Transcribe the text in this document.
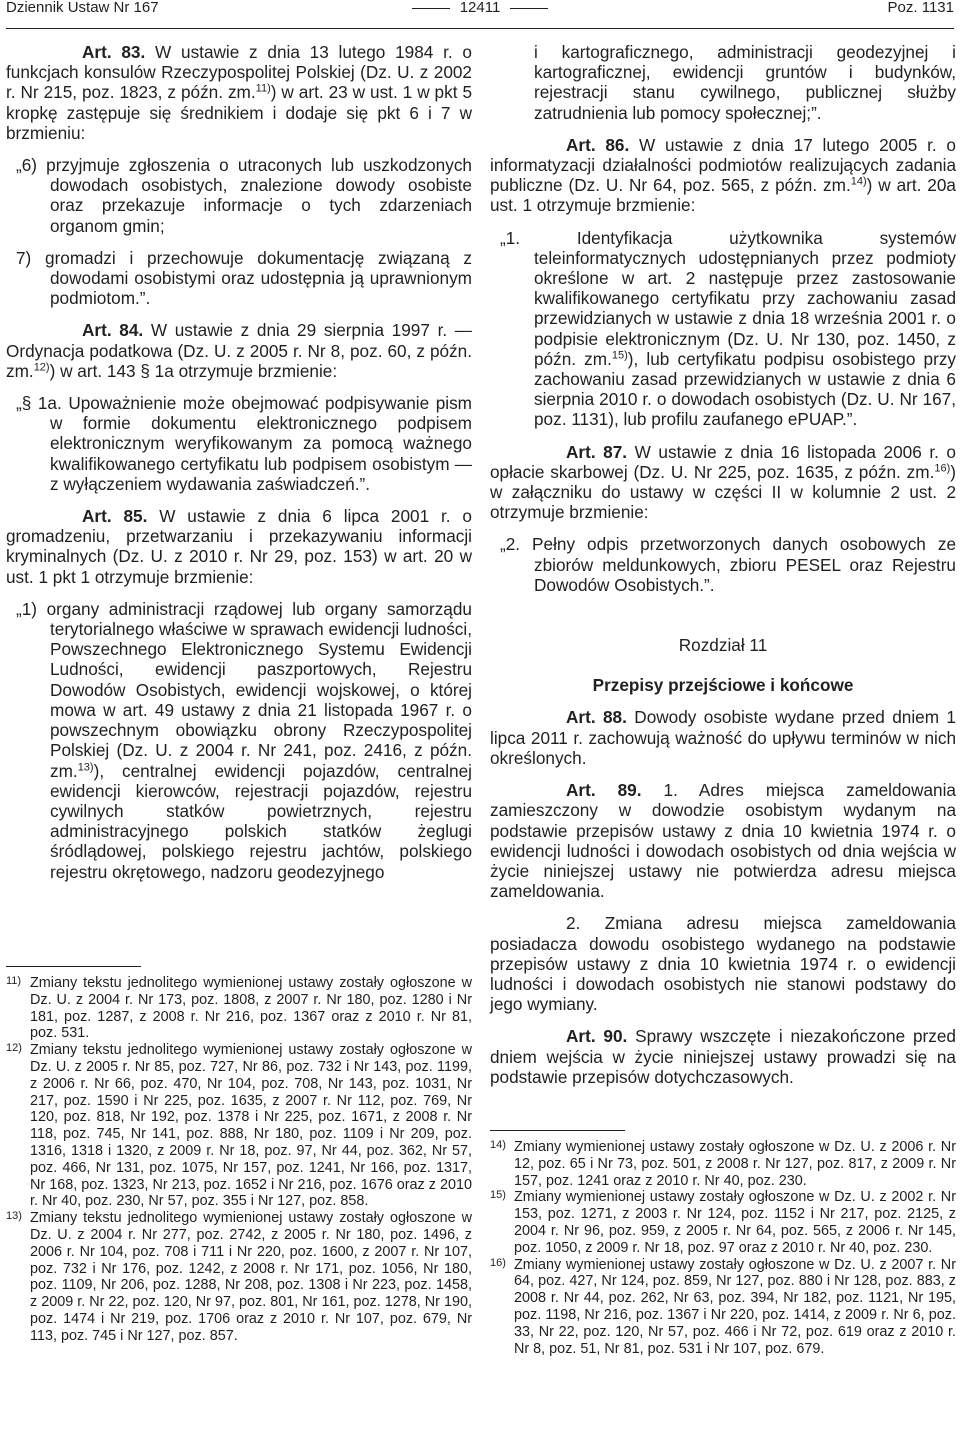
Dziennik Ustaw Nr 167	12411	Poz. 1131

Art. 83. W ustawie z dnia 13 lutego 1984 r. o funkcjach konsulów Rzeczypospolitej Polskiej (Dz. U. z 2002 r. Nr 215, poz. 1823, z późn. zm.$^{11)}$) w art. 23 w ust. 1 w pkt 5 kropkę zastępuje się średnikiem i dodaje się pkt 6 i 7 w brzmieniu:

„6) przyjmuje zgłoszenia o utraconych lub uszkodzonych dowodach osobistych, znalezione dowody osobiste oraz przekazuje informacje o tych zdarzeniach organom gmin;

7) gromadzi i przechowuje dokumentację związaną z dowodami osobistymi oraz udostępnia ją uprawnionym podmiotom.”.

Art. 84. W ustawie z dnia 29 sierpnia 1997 r. — Ordynacja podatkowa (Dz. U. z 2005 r. Nr 8, poz. 60, z późn. zm.$^{12)}$) w art. 143 § 1a otrzymuje brzmienie:

„§ 1a. Upoważnienie może obejmować podpisywanie pism w formie dokumentu elektronicznego podpisem elektronicznym weryfikowanym za pomocą ważnego kwalifikowanego certyfikatu lub podpisem osobistym — z wyłączeniem wydawania zaświadczeń.”.

Art. 85. W ustawie z dnia 6 lipca 2001 r. o gromadzeniu, przetwarzaniu i przekazywaniu informacji kryminalnych (Dz. U. z 2010 r. Nr 29, poz. 153) w art. 20 w ust. 1 pkt 1 otrzymuje brzmienie:

„1) organy administracji rządowej lub organy samorządu terytorialnego właściwe w sprawach ewidencji ludności, Powszechnego Elektronicznego Systemu Ewidencji Ludności, ewidencji paszportowych, Rejestru Dowodów Osobistych, ewidencji wojskowej, o której mowa w art. 49 ustawy z dnia 21 listopada 1967 r. o powszechnym obowiązku obrony Rzeczypospolitej Polskiej (Dz. U. z 2004 r. Nr 241, poz. 2416, z późn. zm.$^{13)}$), centralnej ewidencji pojazdów, centralnej ewidencji kierowców, rejestracji pojazdów, rejestru cywilnych statków powietrznych, rejestru administracyjnego polskich statków żeglugi śródlądowej, polskiego rejestru jachtów, polskiego rejestru okrętowego, nadzoru geodezyjnego

11) Zmiany tekstu jednolitego wymienionej ustawy zostały ogłoszone w Dz. U. z 2004 r. Nr 173, poz. 1808, z 2007 r. Nr 180, poz. 1280 i Nr 181, poz. 1287, z 2008 r. Nr 216, poz. 1367 oraz z 2010 r. Nr 81, poz. 531.

12) Zmiany tekstu jednolitego wymienionej ustawy zostały ogłoszone w Dz. U. z 2005 r. Nr 85, poz. 727, Nr 86, poz. 732 i Nr 143, poz. 1199, z 2006 r. Nr 66, poz. 470, Nr 104, poz. 708, Nr 143, poz. 1031, Nr 217, poz. 1590 i Nr 225, poz. 1635, z 2007 r. Nr 112, poz. 769, Nr 120, poz. 818, Nr 192, poz. 1378 i Nr 225, poz. 1671, z 2008 r. Nr 118, poz. 745, Nr 141, poz. 888, Nr 180, poz. 1109 i Nr 209, poz. 1316, 1318 i 1320, z 2009 r. Nr 18, poz. 97, Nr 44, poz. 362, Nr 57, poz. 466, Nr 131, poz. 1075, Nr 157, poz. 1241, Nr 166, poz. 1317, Nr 168, poz. 1323, Nr 213, poz. 1652 i Nr 216, poz. 1676 oraz z 2010 r. Nr 40, poz. 230, Nr 57, poz. 355 i Nr 127, poz. 858.

13) Zmiany tekstu jednolitego wymienionej ustawy zostały ogłoszone w Dz. U. z 2004 r. Nr 277, poz. 2742, z 2005 r. Nr 180, poz. 1496, z 2006 r. Nr 104, poz. 708 i 711 i Nr 220, poz. 1600, z 2007 r. Nr 107, poz. 732 i Nr 176, poz. 1242, z 2008 r. Nr 171, poz. 1056, Nr 180, poz. 1109, Nr 206, poz. 1288, Nr 208, poz. 1308 i Nr 223, poz. 1458, z 2009 r. Nr 22, poz. 120, Nr 97, poz. 801, Nr 161, poz. 1278, Nr 190, poz. 1474 i Nr 219, poz. 1706 oraz z 2010 r. Nr 107, poz. 679, Nr 113, poz. 745 i Nr 127, poz. 857.

i kartograficznego, administracji geodezyjnej i kartograficznej, ewidencji gruntów i budynków, rejestracji stanu cywilnego, publicznej służby zatrudnienia lub pomocy społecznej;”.

Art. 86. W ustawie z dnia 17 lutego 2005 r. o informatyzacji działalności podmiotów realizujących zadania publiczne (Dz. U. Nr 64, poz. 565, z późn. zm.$^{14)}$) w art. 20a ust. 1 otrzymuje brzmienie:

„1. Identyfikacja użytkownika systemów teleinformatycznych udostępnianych przez podmioty określone w art. 2 następuje przez zastosowanie kwalifikowanego certyfikatu przy zachowaniu zasad przewidzianych w ustawie z dnia 18 września 2001 r. o podpisie elektronicznym (Dz. U. Nr 130, poz. 1450, z późn. zm.$^{15)}$), lub certyfikatu podpisu osobistego przy zachowaniu zasad przewidzianych w ustawie z dnia 6 sierpnia 2010 r. o dowodach osobistych (Dz. U. Nr 167, poz. 1131), lub profilu zaufanego ePUAP.”.

Art. 87. W ustawie z dnia 16 listopada 2006 r. o opłacie skarbowej (Dz. U. Nr 225, poz. 1635, z późn. zm.$^{16)}$) w załączniku do ustawy w części II w kolumnie 2 ust. 2 otrzymuje brzmienie:

„2. Pełny odpis przetworzonych danych osobowych ze zbiorów meldunkowych, zbioru PESEL oraz Rejestru Dowodów Osobistych.”.

Rozdział 11

Przepisy przejściowe i końcowe

Art. 88. Dowody osobiste wydane przed dniem 1 lipca 2011 r. zachowują ważność do upływu terminów w nich określonych.

Art. 89. 1. Adres miejsca zameldowania zamieszczony w dowodzie osobistym wydanym na podstawie przepisów ustawy z dnia 10 kwietnia 1974 r. o ewidencji ludności i dowodach osobistych od dnia wejścia w życie niniejszej ustawy nie potwierdza adresu miejsca zameldowania.

2. Zmiana adresu miejsca zameldowania posiadacza dowodu osobistego wydanego na podstawie przepisów ustawy z dnia 10 kwietnia 1974 r. o ewidencji ludności i dowodach osobistych nie stanowi podstawy do jego wymiany.

Art. 90. Sprawy wszczęte i niezakończone przed dniem wejścia w życie niniejszej ustawy prowadzi się na podstawie przepisów dotychczasowych.

14) Zmiany wymienionej ustawy zostały ogłoszone w Dz. U. z 2006 r. Nr 12, poz. 65 i Nr 73, poz. 501, z 2008 r. Nr 127, poz. 817, z 2009 r. Nr 157, poz. 1241 oraz z 2010 r. Nr 40, poz. 230.

15) Zmiany wymienionej ustawy zostały ogłoszone w Dz. U. z 2002 r. Nr 153, poz. 1271, z 2003 r. Nr 124, poz. 1152 i Nr 217, poz. 2125, z 2004 r. Nr 96, poz. 959, z 2005 r. Nr 64, poz. 565, z 2006 r. Nr 145, poz. 1050, z 2009 r. Nr 18, poz. 97 oraz z 2010 r. Nr 40, poz. 230.

16) Zmiany wymienionej ustawy zostały ogłoszone w Dz. U. z 2007 r. Nr 64, poz. 427, Nr 124, poz. 859, Nr 127, poz. 880 i Nr 128, poz. 883, z 2008 r. Nr 44, poz. 262, Nr 63, poz. 394, Nr 182, poz. 1121, Nr 195, poz. 1198, Nr 216, poz. 1367 i Nr 220, poz. 1414, z 2009 r. Nr 6, poz. 33, Nr 22, poz. 120, Nr 57, poz. 466 i Nr 72, poz. 619 oraz z 2010 r. Nr 8, poz. 51, Nr 81, poz. 531 i Nr 107, poz. 679.
